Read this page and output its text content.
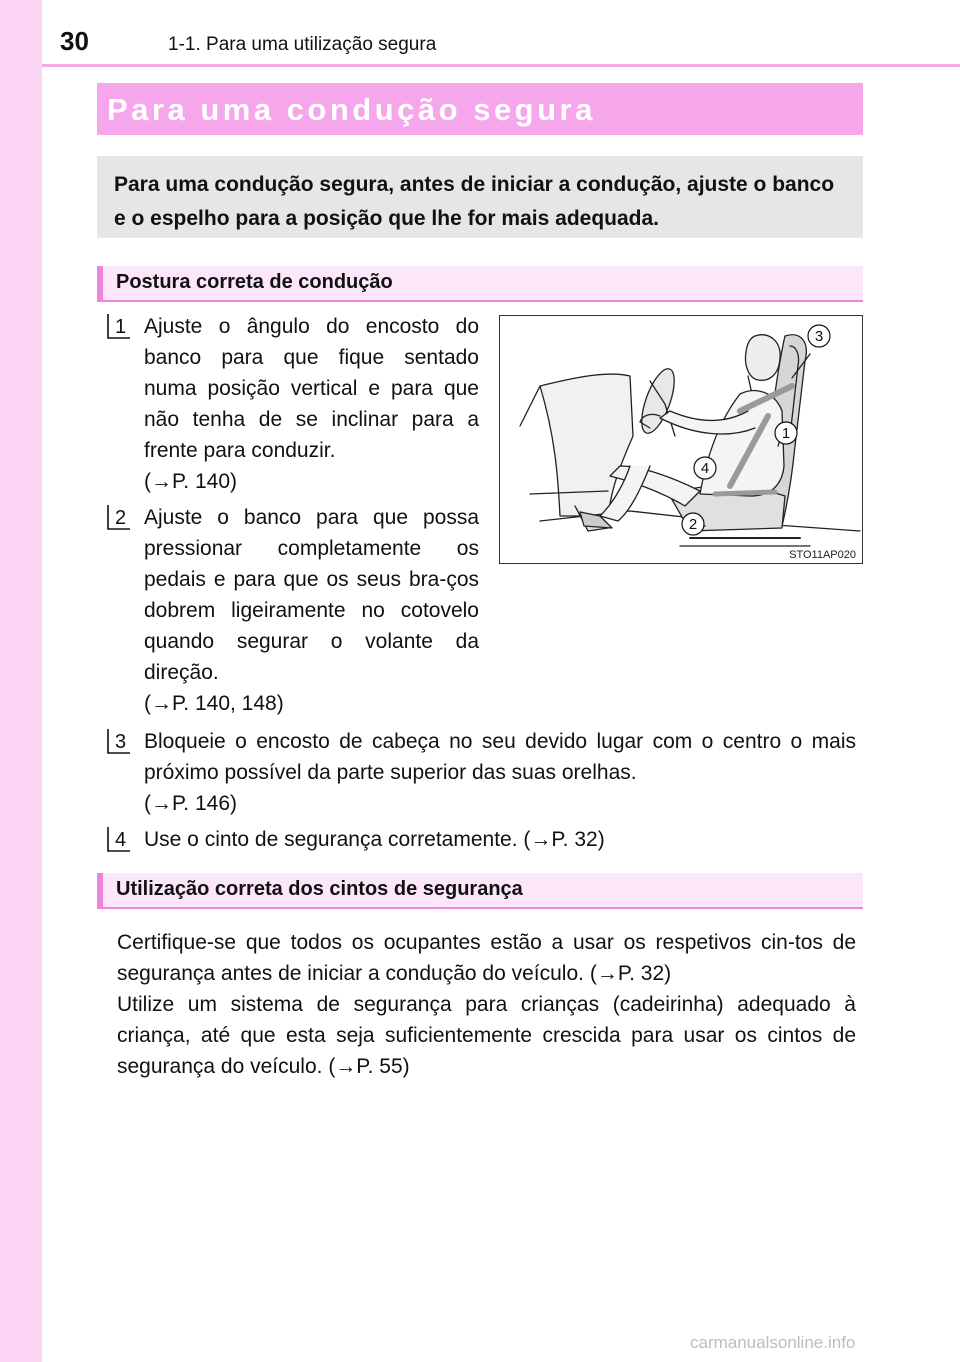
30	1-1. Para uma utilização segura
Para uma condução segura
Para uma condução segura, antes de iniciar a condução, ajuste o banco e o espelho para a posição que lhe for mais adequada.
Postura correta de condução
1 Ajuste o ângulo do encosto do banco para que fique sentado numa posição vertical e para que não tenha de se inclinar para a frente para conduzir.
(→P. 140)
2 Ajuste o banco para que possa pressionar completamente os pedais e para que os seus bra-ços dobrem ligeiramente no cotovelo quando segurar o volante da direção.
(→P. 140, 148)
3
1
4
2
STO11AP020
3 Bloqueie o encosto de cabeça no seu devido lugar com o centro o mais próximo possível da parte superior das suas orelhas.
(→P. 146)
4 Use o cinto de segurança corretamente. (→P. 32)
Utilização correta dos cintos de segurança
Certifique-se que todos os ocupantes estão a usar os respetivos cin-tos de segurança antes de iniciar a condução do veículo. (→P. 32)
Utilize um sistema de segurança para crianças (cadeirinha) adequado à criança, até que esta seja suficientemente crescida para usar os cintos de segurança do veículo. (→P. 55)
carmanualsonline.info
